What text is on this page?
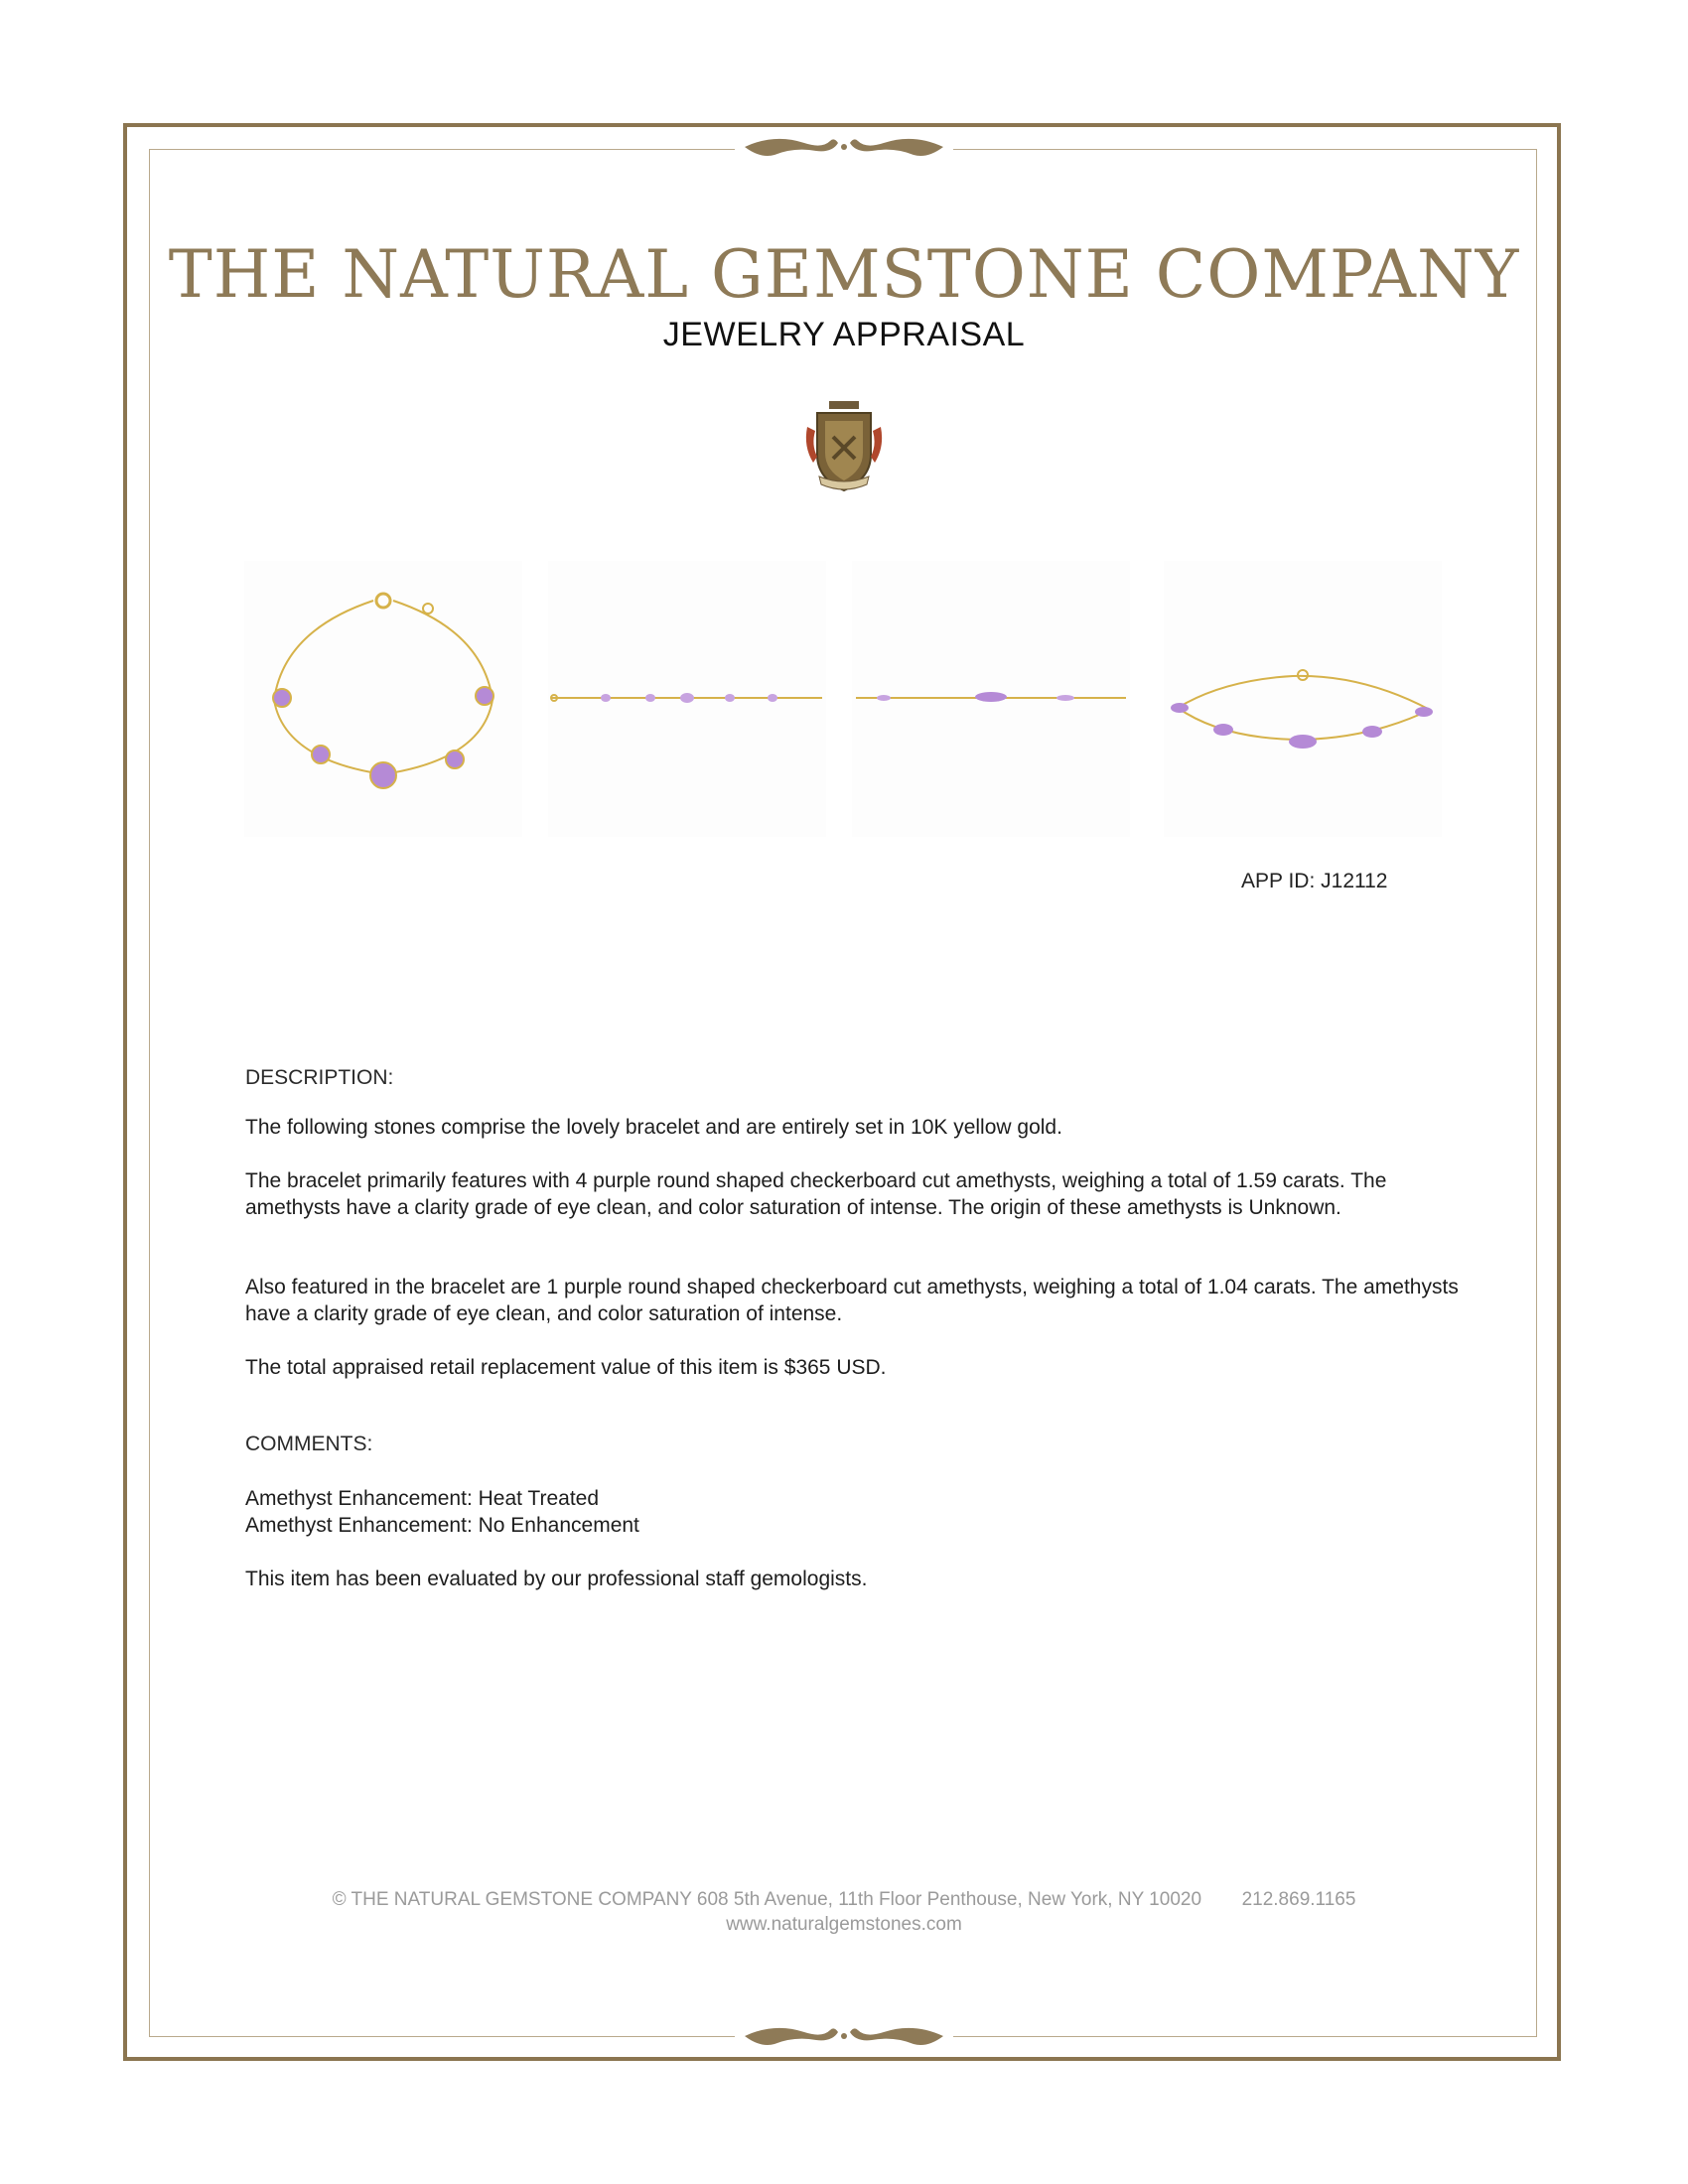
THE NATURAL GEMSTONE COMPANY
JEWELRY APPRAISAL
APP ID: J12112
DESCRIPTION:

The following stones comprise the lovely bracelet and are entirely set in 10K yellow gold.

The bracelet primarily features with 4 purple round shaped checkerboard cut amethysts, weighing a total of 1.59 carats. The amethysts have a clarity grade of eye clean, and color saturation of intense. The origin of these amethysts is Unknown.

Also featured in the bracelet are 1 purple round shaped checkerboard cut amethysts, weighing a total of 1.04 carats. The amethysts have a clarity grade of eye clean, and color saturation of intense.

The total appraised retail replacement value of this item is $365 USD.

COMMENTS:
Amethyst Enhancement: Heat Treated
Amethyst Enhancement: No Enhancement
This item has been evaluated by our professional staff gemologists.
© THE NATURAL GEMSTONE COMPANY 608 5th Avenue, 11th Floor Penthouse, New York, NY 10020 212.869.1165
www.naturalgemstones.com
